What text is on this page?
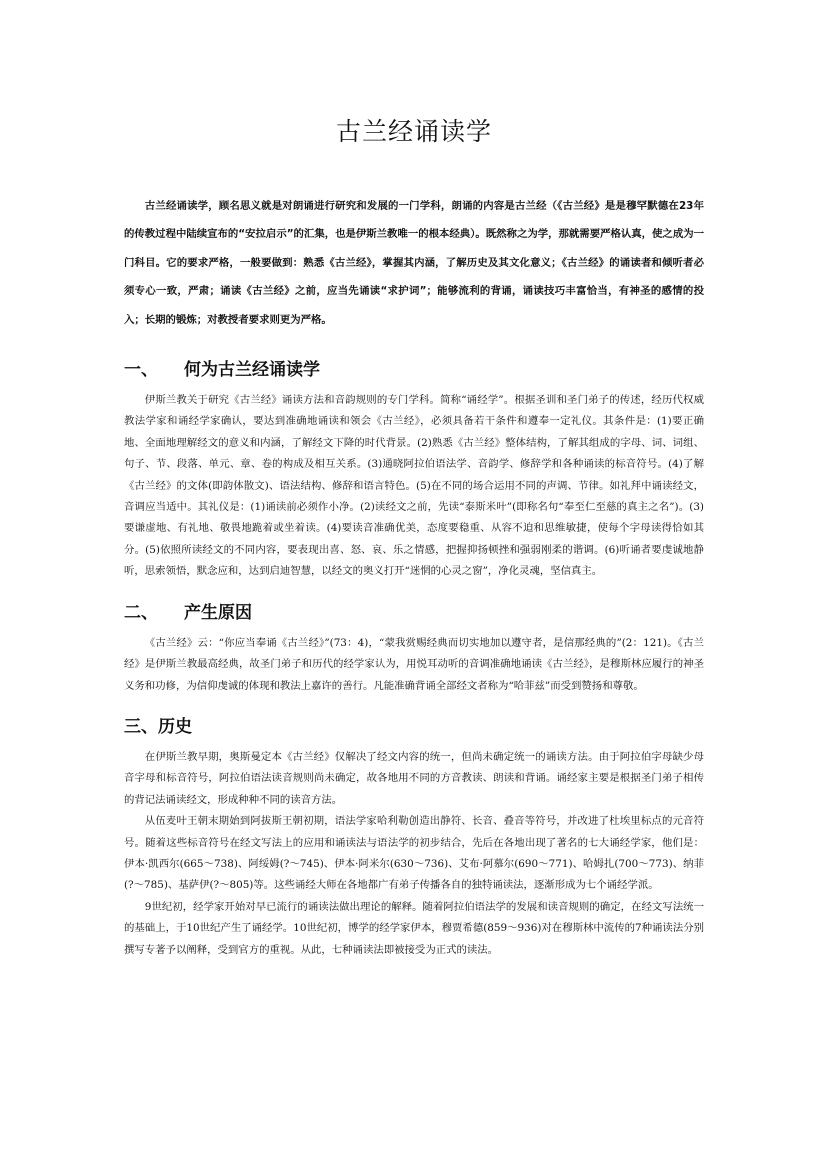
古兰经诵读学

古兰经诵读学，顾名思义就是对朗诵进行研究和发展的一门学科，朗诵的内容是古兰经（《古兰经》是是穆罕默德在23年的传教过程中陆续宣布的“安拉启示”的汇集，也是伊斯兰教唯一的根本经典）。既然称之为学，那就需要严格认真，使之成为一门科目。它的要求严格，一般要做到：熟悉《古兰经》，掌握其内涵，了解历史及其文化意义；《古兰经》的诵读者和倾听者必须专心一致，严肃；诵读《古兰经》之前，应当先诵读“求护词”；能够流利的背诵，诵读技巧丰富恰当，有神圣的感情的投入；长期的锻炼；对教授者要求则更为严格。

一、 何为古兰经诵读学

伊斯兰教关于研究《古兰经》诵读方法和音韵规则的专门学科。简称“诵经学”。根据圣训和圣门弟子的传述，经历代权威教法学家和诵经学家确认，要达到准确地诵读和领会《古兰经》，必须具备若干条件和遵奉一定礼仪。其条件是：(1)要正确地、全面地理解经文的意义和内涵，了解经文下降的时代背景。(2)熟悉《古兰经》整体结构，了解其组成的字母、词、词组、句子、节、段落、单元、章、卷的构成及相互关系。(3)通晓阿拉伯语法学、音韵学、修辞学和各种诵读的标音符号。(4)了解《古兰经》的文体(即韵体散文)、语法结构、修辞和语言特色。(5)在不同的场合运用不同的声调、节律。如礼拜中诵读经文，音调应当适中。其礼仪是：(1)诵读前必须作小净。(2)读经文之前，先读“泰斯米叶”(即称名句“奉至仁至慈的真主之名”)。(3)要谦虚地、有礼地、敬畏地跪着或坐着读。(4)要读音准确优美，态度要稳重、从容不迫和思维敏捷，使每个字母读得恰如其分。(5)依照所读经文的不同内容，要表现出喜、怒、哀、乐之情感，把握抑扬顿挫和强弱刚柔的谐调。(6)听诵者要虔诚地静听，思索领悟，默念应和，达到启迪智慧，以经文的奥义打开“迷惘的心灵之窗”，净化灵魂，坚信真主。

二、 产生原因

《古兰经》云：“你应当奉诵《古兰经》”(73：4)，“蒙我赏赐经典而切实地加以遵守者，是信那经典的”(2：121)。《古兰经》是伊斯兰教最高经典，故圣门弟子和历代的经学家认为，用悦耳动听的音调准确地诵读《古兰经》，是穆斯林应履行的神圣义务和功修，为信仰虔诚的体现和教法上嘉许的善行。凡能准确背诵全部经文者称为“哈菲兹”而受到赞扬和尊敬。

三、历史

在伊斯兰教早期，奥斯曼定本《古兰经》仅解决了经文内容的统一，但尚未确定统一的诵读方法。由于阿拉伯字母缺少母音字母和标音符号，阿拉伯语法读音规则尚未确定，故各地用不同的方音教读、朗读和背诵。诵经家主要是根据圣门弟子相传的背记法诵读经文，形成种种不同的读音方法。

从伍麦叶王朝末期始到阿拔斯王朝初期，语法学家哈利勒创造出静符、长音、叠音等符号，并改进了杜埃里标点的元音符号。随着这些标音符号在经文写法上的应用和诵读法与语法学的初步结合，先后在各地出现了著名的七大诵经学家，他们是：伊本·凯西尔(665～738)、阿绥姆(?～745)、伊本·阿米尔(630～736)、艾布·阿慕尔(690～771)、哈姆扎(700～773)、纳菲(?～785)、基萨伊(?～805)等。这些诵经大师在各地都广有弟子传播各自的独特诵读法，逐渐形成为七个诵经学派。

9世纪初，经学家开始对早已流行的诵读法做出理论的解释。随着阿拉伯语法学的发展和读音规则的确定，在经文写法统一的基础上，于10世纪产生了诵经学。10世纪初，博学的经学家伊本，穆贾希德(859～936)对在穆斯林中流传的7种诵读法分别撰写专著予以阐释，受到官方的重视。从此，七种诵读法即被接受为正式的读法。
